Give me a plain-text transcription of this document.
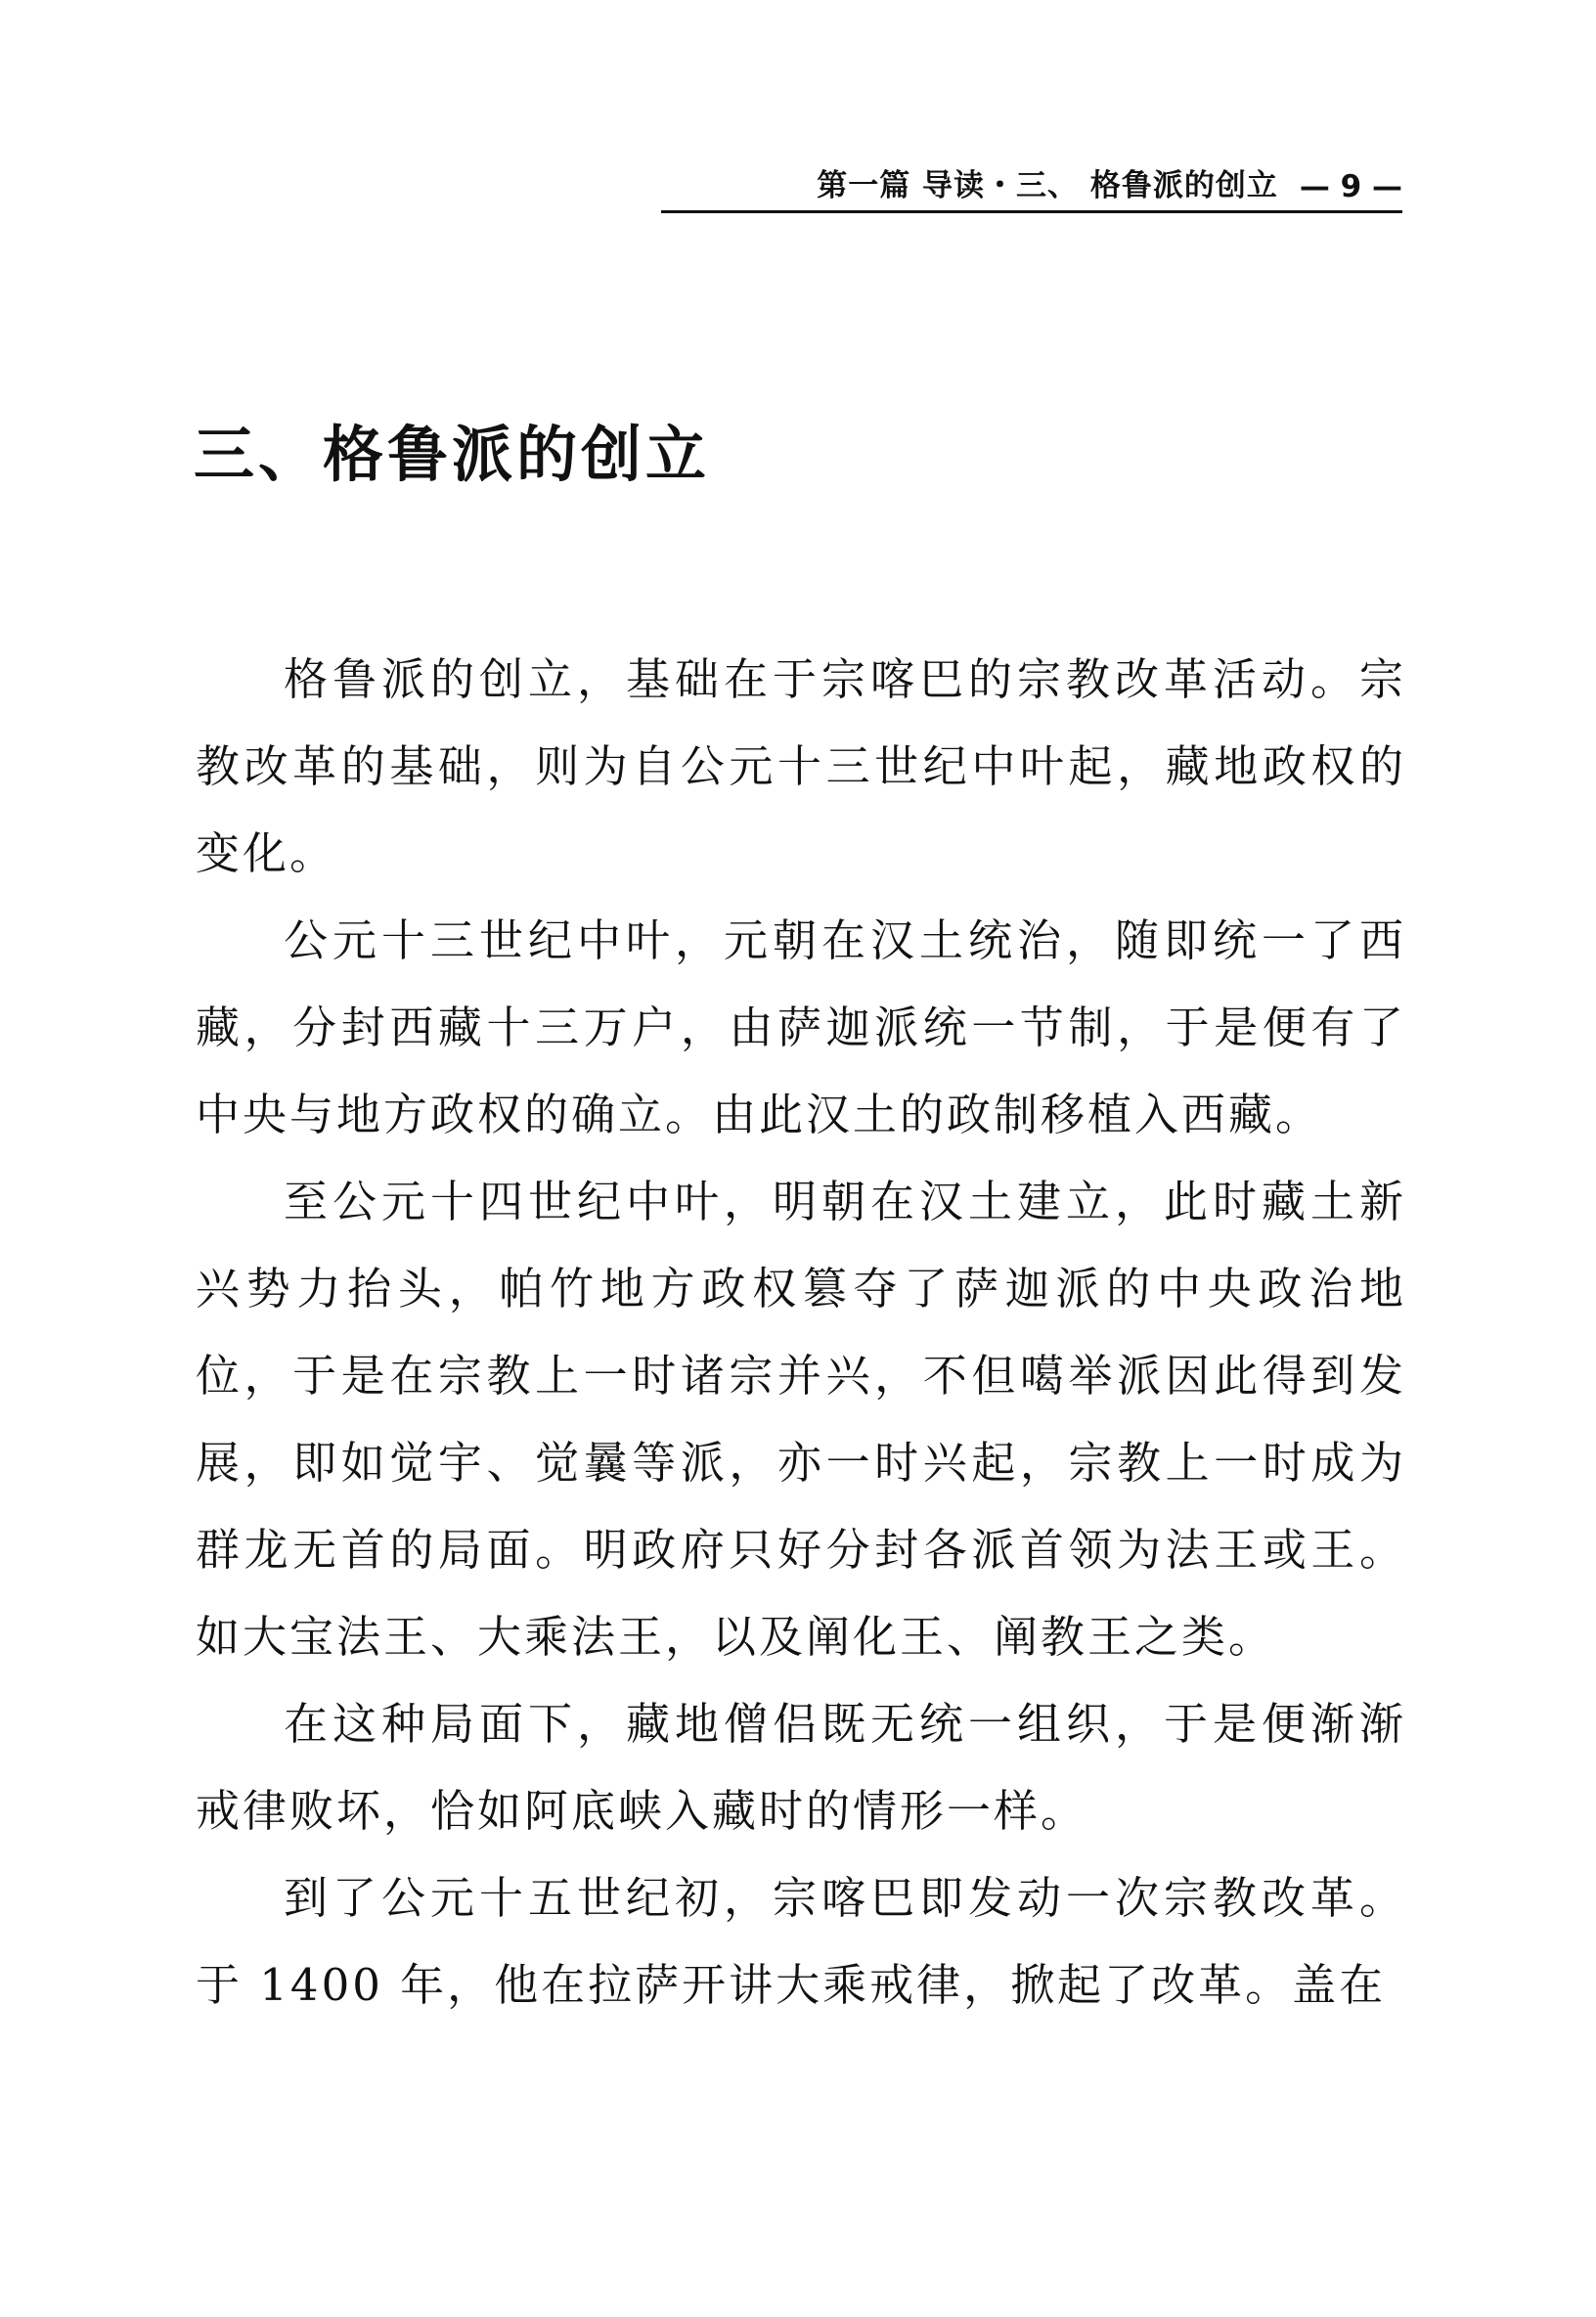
第一篇 导读・三、 格鲁派的创立 — 9 —
三、格鲁派的创立

格鲁派的创立，基础在于宗喀巴的宗教改革活动。宗教改革的基础，则为自公元十三世纪中叶起，藏地政权的变化。

公元十三世纪中叶，元朝在汉土统治，随即统一了西藏，分封西藏十三万户，由萨迦派统一节制，于是便有了中央与地方政权的确立。由此汉土的政制移植入西藏。

至公元十四世纪中叶，明朝在汉土建立，此时藏土新兴势力抬头，帕竹地方政权篡夺了萨迦派的中央政治地位，于是在宗教上一时诸宗并兴，不但噶举派因此得到发展，即如觉宇、觉曩等派，亦一时兴起，宗教上一时成为群龙无首的局面。明政府只好分封各派首领为法王或王。如大宝法王、大乘法王，以及阐化王、阐教王之类。

在这种局面下，藏地僧侣既无统一组织，于是便渐渐戒律败坏，恰如阿底峡入藏时的情形一样。

到了公元十五世纪初，宗喀巴即发动一次宗教改革。于 1400 年，他在拉萨开讲大乘戒律，掀起了改革。盖在
